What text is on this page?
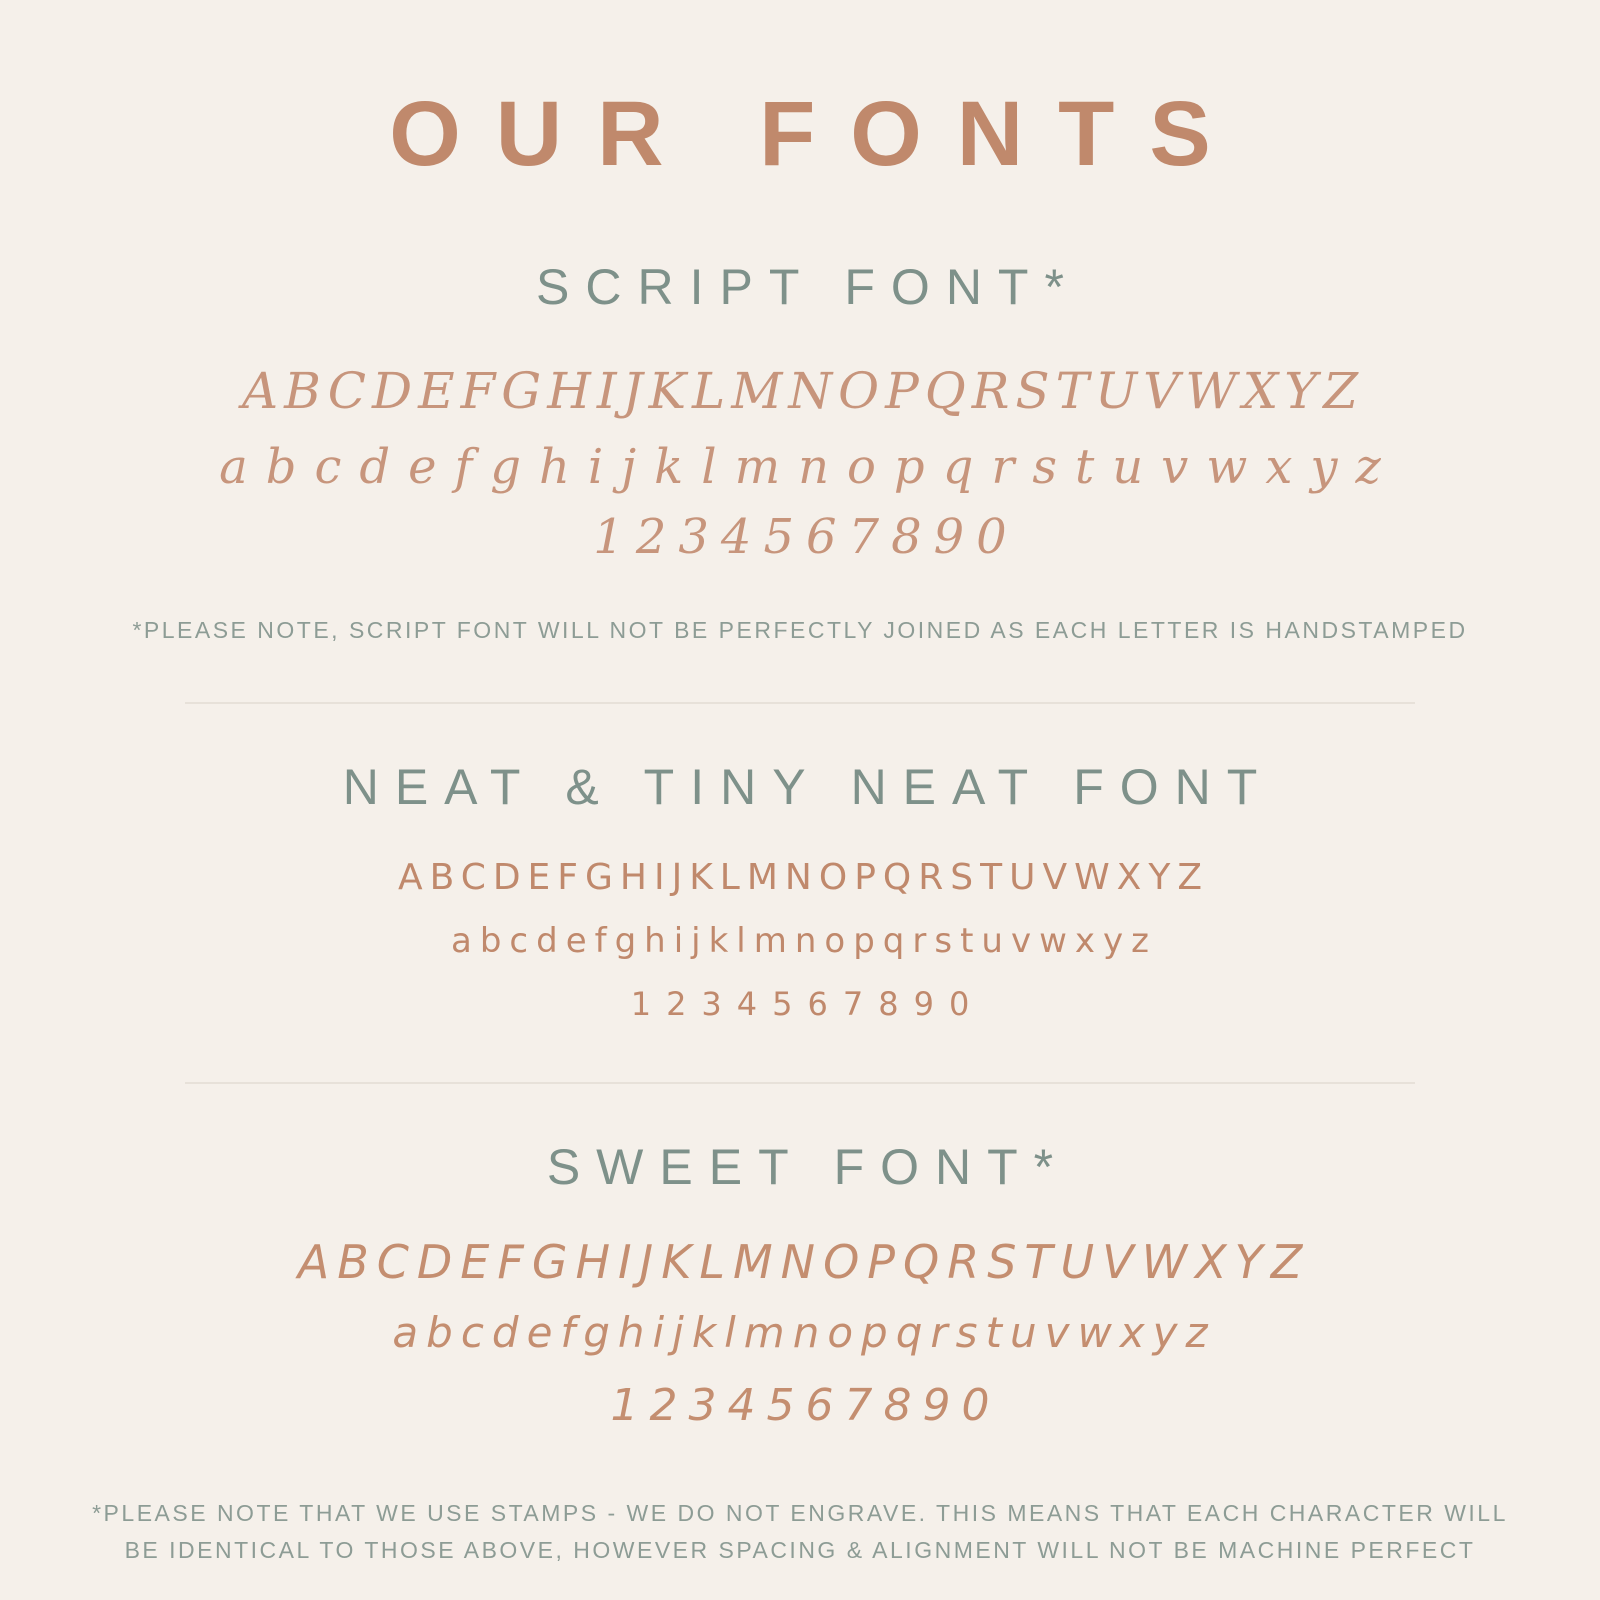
OUR FONTS
SCRIPT FONT*
ABCDEFGHIJKLMNOPQRSTUVWXYZ
abcdefghijklmnopqrstuvwxyz
1234567890

*PLEASE NOTE, SCRIPT FONT WILL NOT BE PERFECTLY JOINED AS EACH LETTER IS HANDSTAMPED

NEAT & TINY NEAT FONT
ABCDEFGHIJKLMNOPQRSTUVWXYZ
abcdefghijklmnopqrstuvwxyz
1234567890
SWEET FONT*
ABCDEFGHIJKLMNOPQRSTUVWXYZ
abcdefghijklmnopqrstuvwxyz
1234567890

*PLEASE NOTE THAT WE USE STAMPS - WE DO NOT ENGRAVE. THIS MEANS THAT EACH CHARACTER WILL BE IDENTICAL TO THOSE ABOVE, HOWEVER SPACING & ALIGNMENT WILL NOT BE MACHINE PERFECT
